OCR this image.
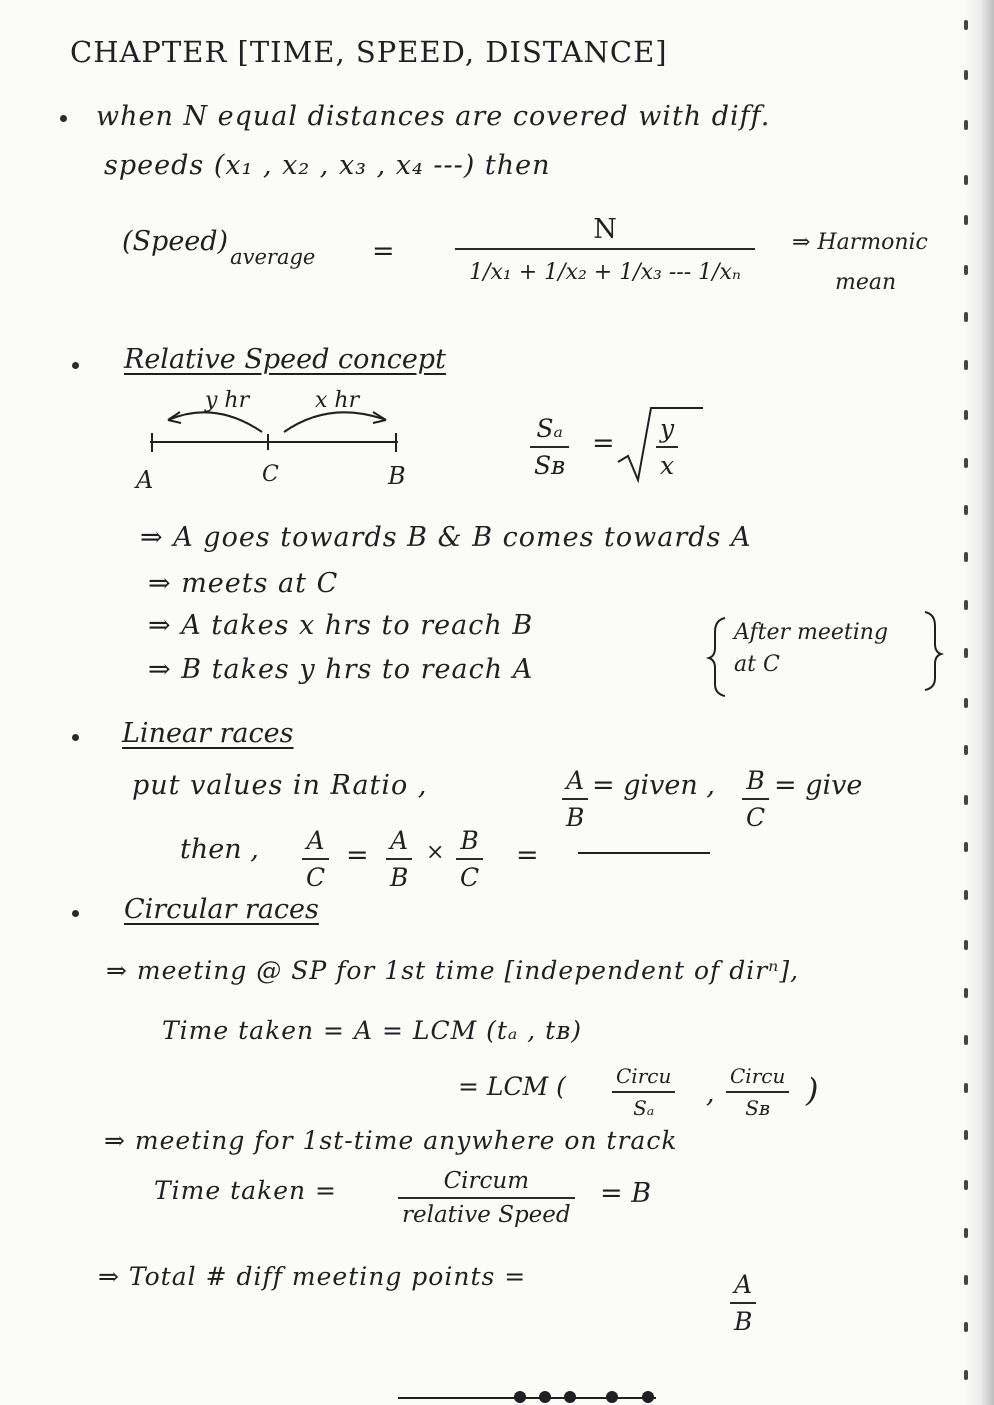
CHAPTER [TIME, SPEED, DISTANCE]
when N equal distances are covered with diff.
speeds (x₁ , x₂ , x₃ , x₄ ---) then
$(Speed)_{average}$ =
N
1/x₁ + 1/x₂ + 1/x₃ --- 1/xₙ
⇒ Harmonic
mean
Relative Speed concept
y hr	x hr
A	C	B
Sₐ
Sʙ
= y
x
⇒ A goes towards B & B comes towards A
⇒ meets at C
⇒ A takes x hrs to reach B
⇒ B takes y hrs to reach A
After meeting
at C
Linear races
put values in Ratio ,	A
B
= given , B
C
= give
then , A
C
= A
B
× B
C
=
Circular races
⇒ meeting @ SP for 1st time [independent of dirⁿ],
Time taken = A = LCM (tₐ , tʙ)
= LCM (	Circu
Sₐ ,
Circu
Sʙ )
⇒ meeting for 1st-time anywhere on track
Time taken =	Circum
relative Speed
= B
⇒ Total # diff meeting points =	A
B
